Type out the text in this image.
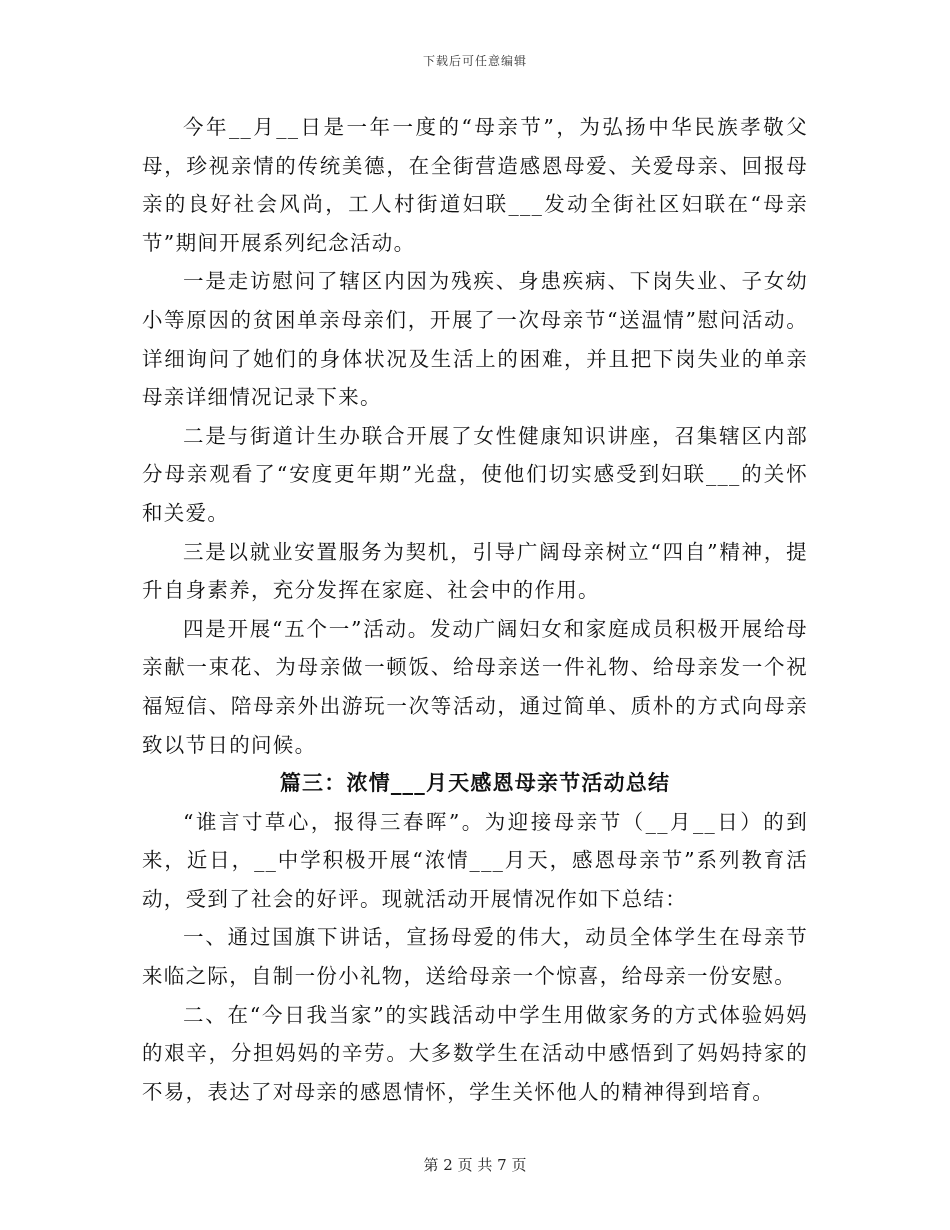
下载后可任意编辑

今年__月__日是一年一度的“母亲节”，为弘扬中华民族孝敬父母，珍视亲情的传统美德，在全街营造感恩母爱、关爱母亲、回报母亲的良好社会风尚，工人村街道妇联___发动全街社区妇联在“母亲节”期间开展系列纪念活动。

一是走访慰问了辖区内因为残疾、身患疾病、下岗失业、子女幼小等原因的贫困单亲母亲们，开展了一次母亲节“送温情”慰问活动。详细询问了她们的身体状况及生活上的困难，并且把下岗失业的单亲母亲详细情况记录下来。

二是与街道计生办联合开展了女性健康知识讲座，召集辖区内部分母亲观看了“安度更年期”光盘，使他们切实感受到妇联___的关怀和关爱。

三是以就业安置服务为契机，引导广阔母亲树立“四自”精神，提升自身素养，充分发挥在家庭、社会中的作用。

四是开展“五个一”活动。发动广阔妇女和家庭成员积极开展给母亲献一束花、为母亲做一顿饭、给母亲送一件礼物、给母亲发一个祝福短信、陪母亲外出游玩一次等活动，通过简单、质朴的方式向母亲致以节日的问候。

篇三：浓情___月天感恩母亲节活动总结

“谁言寸草心，报得三春晖”。为迎接母亲节（__月__日）的到来，近日，__中学积极开展“浓情___月天，感恩母亲节”系列教育活动，受到了社会的好评。现就活动开展情况作如下总结：

一、通过国旗下讲话，宣扬母爱的伟大，动员全体学生在母亲节来临之际，自制一份小礼物，送给母亲一个惊喜，给母亲一份安慰。

二、在“今日我当家”的实践活动中学生用做家务的方式体验妈妈的艰辛，分担妈妈的辛劳。大多数学生在活动中感悟到了妈妈持家的不易，表达了对母亲的感恩情怀，学生关怀他人的精神得到培育。

第 2 页 共 7 页
